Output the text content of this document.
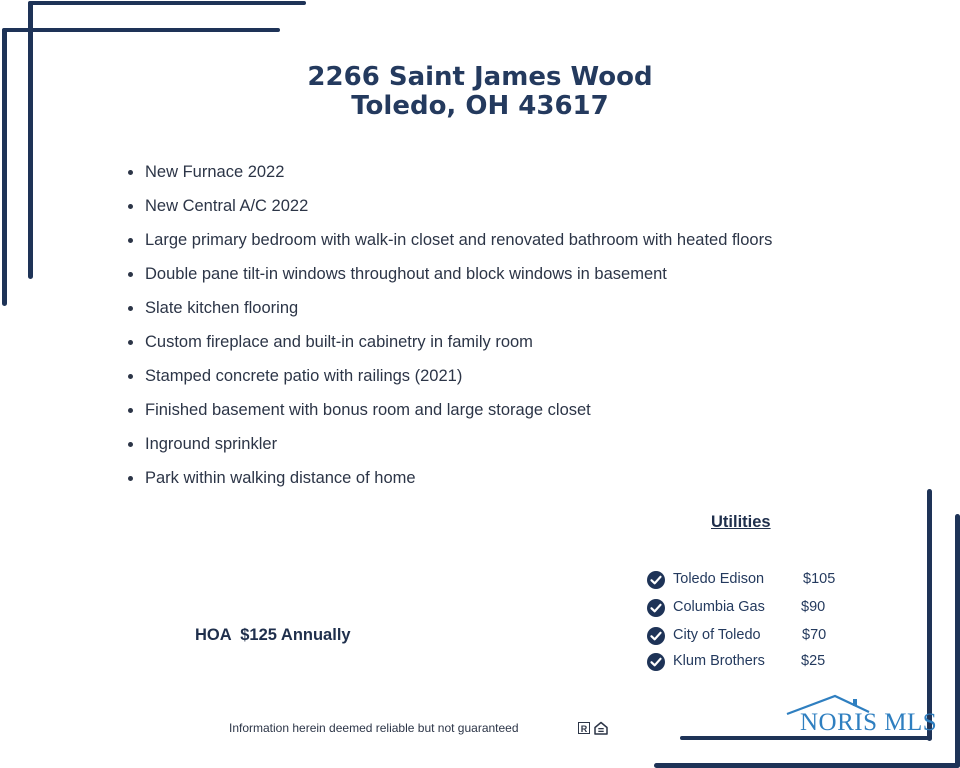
2266 Saint James Wood
Toledo, OH 43617
New Furnace 2022
New Central A/C 2022
Large primary bedroom with walk-in closet and renovated bathroom with heated floors
Double pane tilt-in windows throughout and block windows in basement
Slate kitchen flooring
Custom fireplace and built-in cabinetry in family room
Stamped concrete patio with railings (2021)
Finished basement with bonus room and large storage closet
Inground sprinkler
Park within walking distance of home
Utilities
Toledo Edison	$105
Columbia Gas $90
City of Toledo	$70
Klum Brothers $25
HOA  $125 Annually
Information herein deemed reliable but not guaranteed	R	NORIS MLS
